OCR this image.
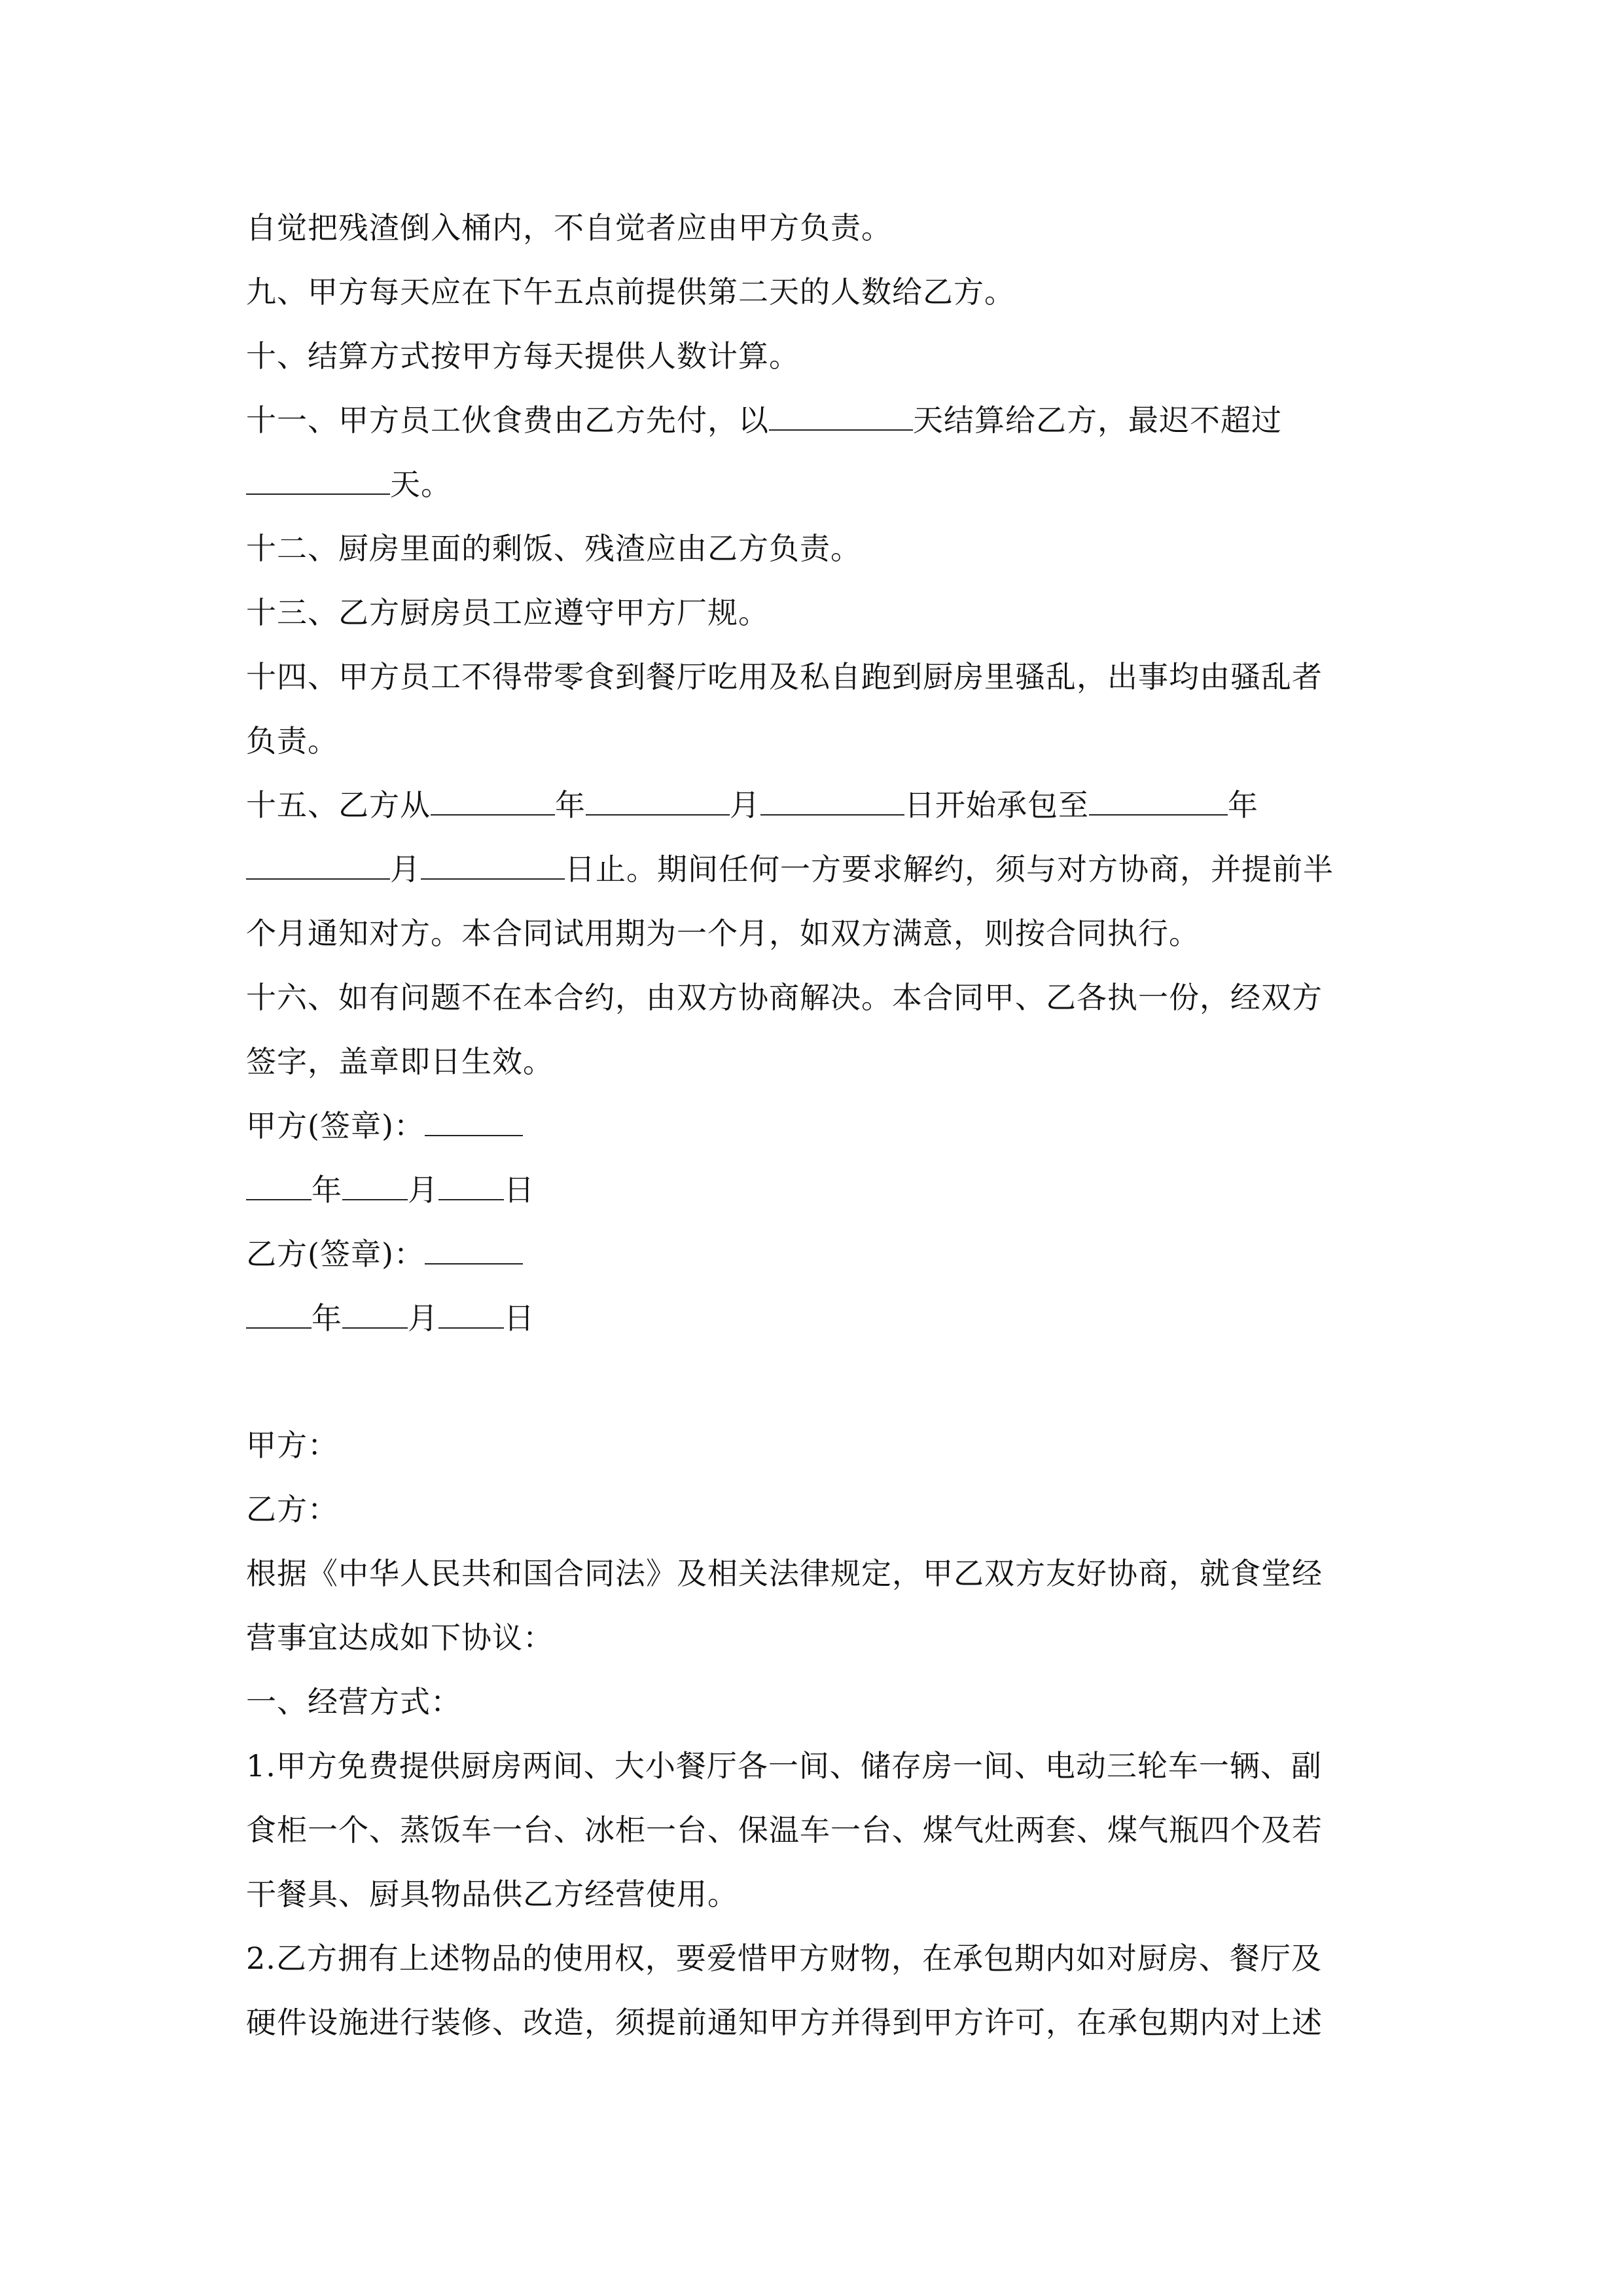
自觉把残渣倒入桶内，不自觉者应由甲方负责。
九、甲方每天应在下午五点前提供第二天的人数给乙方。
十、结算方式按甲方每天提供人数计算。
十一、甲方员工伙食费由乙方先付，以	天结算给乙方，最迟不超过
天。
十二、厨房里面的剩饭、残渣应由乙方负责。
十三、乙方厨房员工应遵守甲方厂规。
十四、甲方员工不得带零食到餐厅吃用及私自跑到厨房里骚乱，出事均由骚乱者
负责。
十五、乙方从	年	月	日开始承包至	年
月	日止。期间任何一方要求解约，须与对方协商，并提前半
个月通知对方。本合同试用期为一个月，如双方满意，则按合同执行。
十六、如有问题不在本合约，由双方协商解决。本合同甲、乙各执一份，经双方
签字，盖章即日生效。
甲方(签章)：
年 月 日
乙方(签章)：
年 月 日
甲方：
乙方：
根据《中华人民共和国合同法》及相关法律规定，甲乙双方友好协商，就食堂经
营事宜达成如下协议：
一、经营方式：
1.甲方免费提供厨房两间、大小餐厅各一间、储存房一间、电动三轮车一辆、副
食柜一个、蒸饭车一台、冰柜一台、保温车一台、煤气灶两套、煤气瓶四个及若
干餐具、厨具物品供乙方经营使用。
2.乙方拥有上述物品的使用权，要爱惜甲方财物，在承包期内如对厨房、餐厅及
硬件设施进行装修、改造，须提前通知甲方并得到甲方许可，在承包期内对上述
